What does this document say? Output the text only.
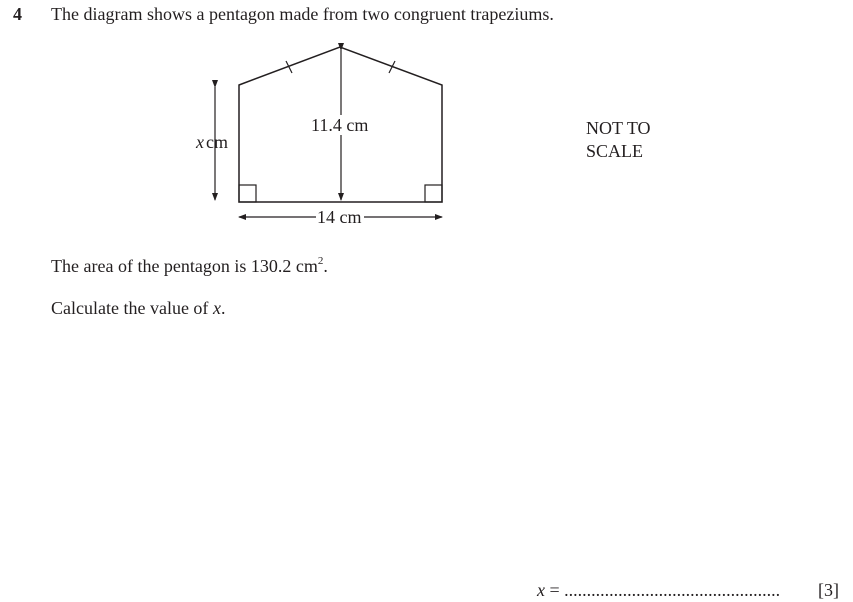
4 The diagram shows a pentagon made from two congruent trapeziums.
x cm
11.4 cm
14 cm
NOT TO
SCALE
The area of the pentagon is 130.2 $cm^2$.
Calculate the value of x.
x = ................................................ [3]
